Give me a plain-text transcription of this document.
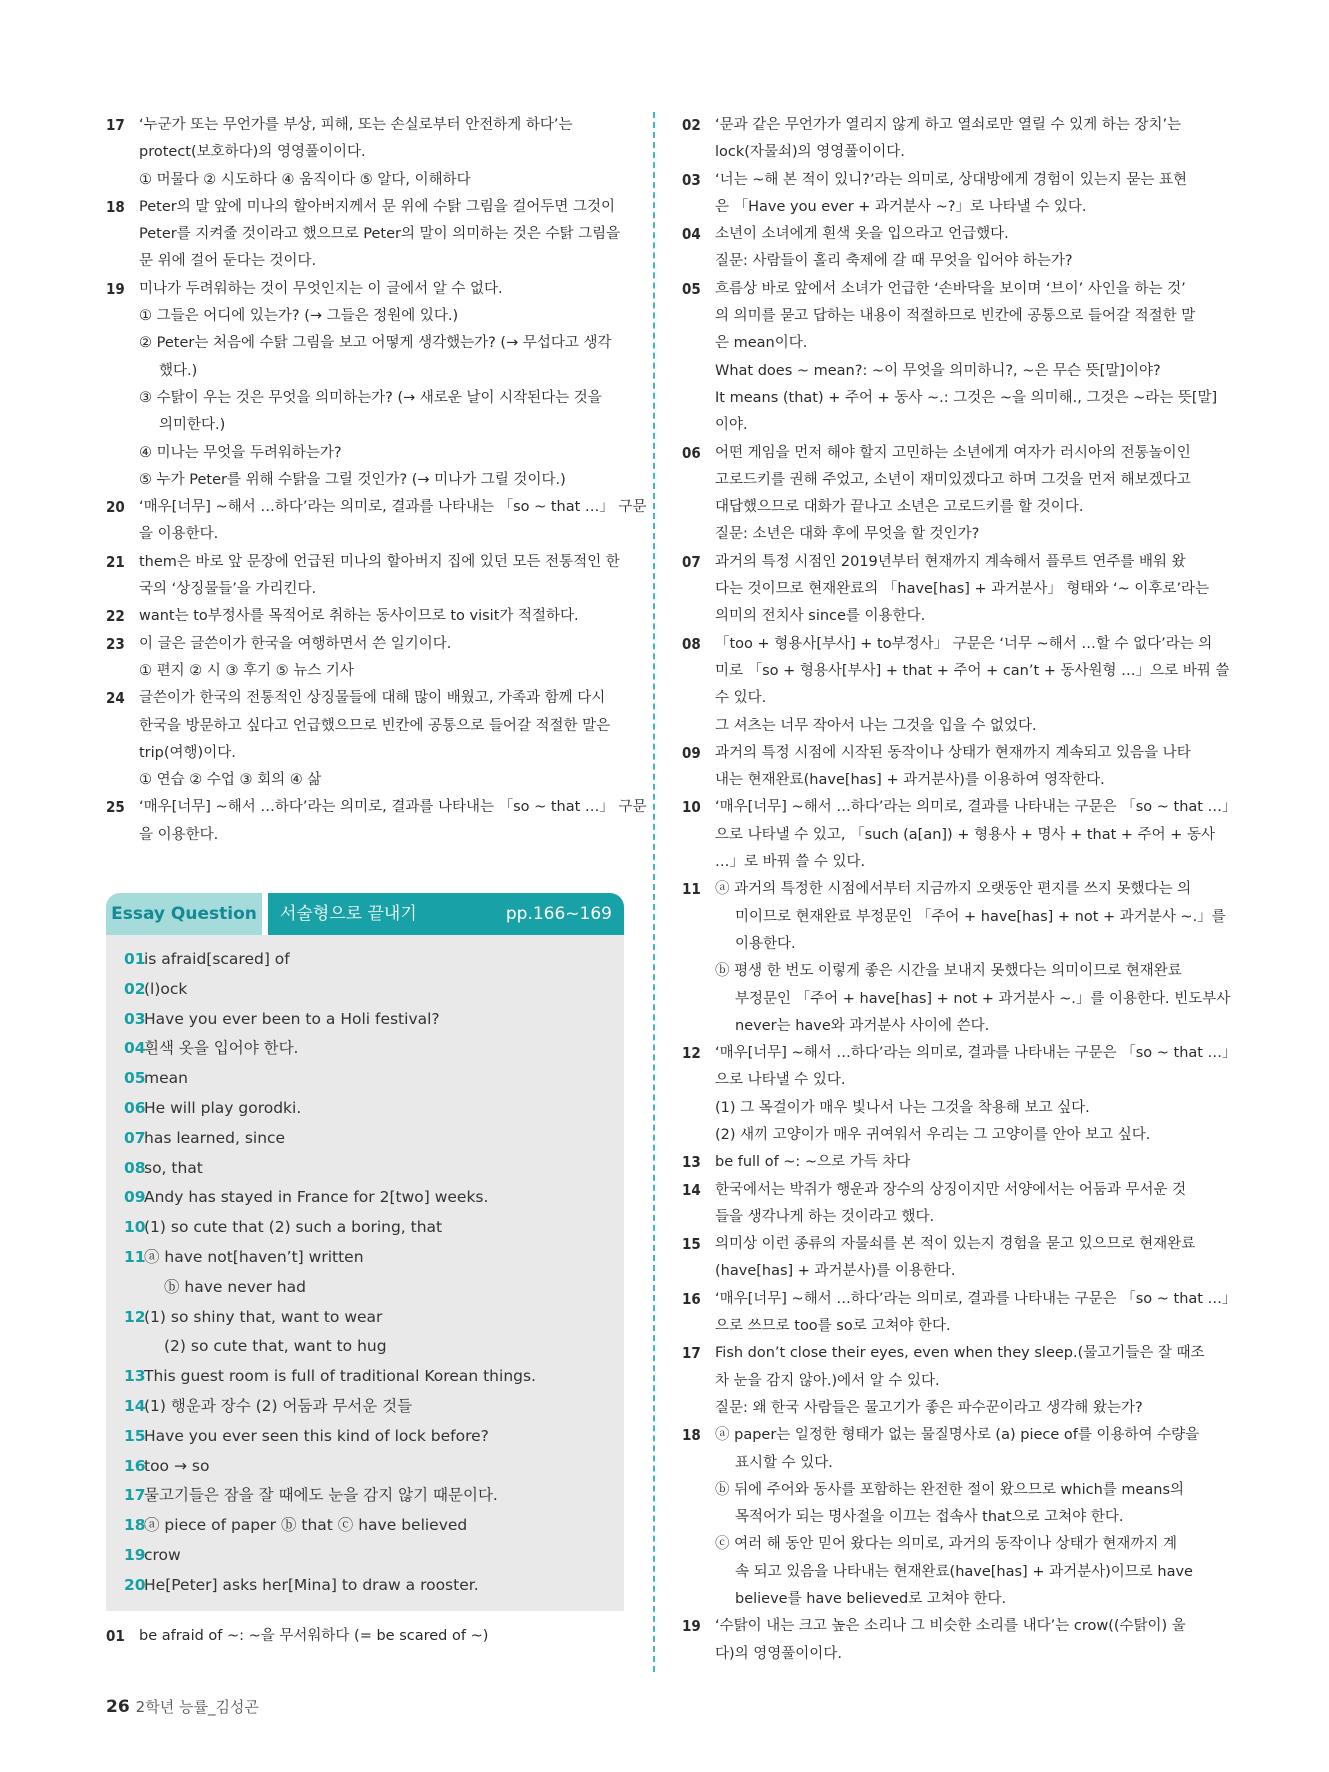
17 ‘누군가 또는 무언가를 부상, 피해, 또는 손실로부터 안전하게 하다’는
protect(보호하다)의 영영풀이이다.
① 머물다 ② 시도하다 ④ 움직이다 ⑤ 알다, 이해하다
18 Peter의 말 앞에 미나의 할아버지께서 문 위에 수탉 그림을 걸어두면 그것이
Peter를 지켜줄 것이라고 했으므로 Peter의 말이 의미하는 것은 수탉 그림을
문 위에 걸어 둔다는 것이다.
19 미나가 두려워하는 것이 무엇인지는 이 글에서 알 수 없다.
① 그들은 어디에 있는가? (→ 그들은 정원에 있다.)
② Peter는 처음에 수탉 그림을 보고 어떻게 생각했는가? (→ 무섭다고 생각
했다.)
③ 수탉이 우는 것은 무엇을 의미하는가? (→ 새로운 날이 시작된다는 것을
의미한다.)
④ 미나는 무엇을 두려워하는가?
⑤ 누가 Peter를 위해 수탉을 그릴 것인가? (→ 미나가 그릴 것이다.)
20 ‘매우[너무] ~해서 …하다’라는 의미로, 결과를 나타내는 「so ~ that …」 구문
을 이용한다.
21 them은 바로 앞 문장에 언급된 미나의 할아버지 집에 있던 모든 전통적인 한
국의 ‘상징물들’을 가리킨다.
22 want는 to부정사를 목적어로 취하는 동사이므로 to visit가 적절하다.
23 이 글은 글쓴이가 한국을 여행하면서 쓴 일기이다.
① 편지 ② 시 ③ 후기 ⑤ 뉴스 기사
24 글쓴이가 한국의 전통적인 상징물들에 대해 많이 배웠고, 가족과 함께 다시
한국을 방문하고 싶다고 언급했으므로 빈칸에 공통으로 들어갈 적절한 말은
trip(여행)이다.
① 연습 ② 수업 ③ 회의 ④ 삶
25 ‘매우[너무] ~해서 …하다’라는 의미로, 결과를 나타내는 「so ~ that …」 구문
을 이용한다.
Essay Question	서술형으로 끝내기	pp.166~169
01
is afraid[scared] of
02
(l)ock
03
Have you ever been to a Holi festival?
04
흰색 옷을 입어야 한다.
05
mean
06
He will play gorodki.
07
has learned, since
08
so, that
09
Andy has stayed in France for 2[two] weeks.
10
(1) so cute that (2) such a boring, that
11
ⓐ have not[haven’t] written
ⓑ have never had
12
(1) so shiny that, want to wear
(2) so cute that, want to hug
13
This guest room is full of traditional Korean things.
14
(1) 행운과 장수 (2) 어둠과 무서운 것들
15
Have you ever seen this kind of lock before?
16
too → so
17
물고기들은 잠을 잘 때에도 눈을 감지 않기 때문이다.
18
ⓐ piece of paper ⓑ that ⓒ have believed
19
crow
20
He[Peter] asks her[Mina] to draw a rooster.
01 be afraid of ~: ~을 무서워하다 (= be scared of ~)
02 ‘문과 같은 무언가가 열리지 않게 하고 열쇠로만 열릴 수 있게 하는 장치’는
lock(자물쇠)의 영영풀이이다.
03 ‘너는 ~해 본 적이 있니?’라는 의미로, 상대방에게 경험이 있는지 묻는 표현
은 「Have you ever + 과거분사 ~?」로 나타낼 수 있다.
04 소년이 소녀에게 흰색 옷을 입으라고 언급했다.
질문: 사람들이 홀리 축제에 갈 때 무엇을 입어야 하는가?
05 흐름상 바로 앞에서 소녀가 언급한 ‘손바닥을 보이며 ‘브이’ 사인을 하는 것’
의 의미를 묻고 답하는 내용이 적절하므로 빈칸에 공통으로 들어갈 적절한 말
은 mean이다.
What does ~ mean?: ~이 무엇을 의미하니?, ~은 무슨 뜻[말]이야?
It means (that) + 주어 + 동사 ~.: 그것은 ~을 의미해., 그것은 ~라는 뜻[말]
이야.
06 어떤 게임을 먼저 해야 할지 고민하는 소년에게 여자가 러시아의 전통놀이인
고로드키를 권해 주었고, 소년이 재미있겠다고 하며 그것을 먼저 해보겠다고
대답했으므로 대화가 끝나고 소년은 고로드키를 할 것이다.
질문: 소년은 대화 후에 무엇을 할 것인가?
07 과거의 특정 시점인 2019년부터 현재까지 계속해서 플루트 연주를 배워 왔
다는 것이므로 현재완료의 「have[has] + 과거분사」 형태와 ‘~ 이후로’라는
의미의 전치사 since를 이용한다.
08 「too + 형용사[부사] + to부정사」 구문은 ‘너무 ~해서 …할 수 없다’라는 의
미로 「so + 형용사[부사] + that + 주어 + can’t + 동사원형 …」으로 바꿔 쓸
수 있다.
그 셔츠는 너무 작아서 나는 그것을 입을 수 없었다.
09 과거의 특정 시점에 시작된 동작이나 상태가 현재까지 계속되고 있음을 나타
내는 현재완료(have[has] + 과거분사)를 이용하여 영작한다.
10 ‘매우[너무] ~해서 …하다’라는 의미로, 결과를 나타내는 구문은 「so ~ that …」
으로 나타낼 수 있고, 「such (a[an]) + 형용사 + 명사 + that + 주어 + 동사
…」로 바꿔 쓸 수 있다.
11 ⓐ 과거의 특정한 시점에서부터 지금까지 오랫동안 편지를 쓰지 못했다는 의
미이므로 현재완료 부정문인 「주어 + have[has] + not + 과거분사 ~.」를
이용한다.
ⓑ 평생 한 번도 이렇게 좋은 시간을 보내지 못했다는 의미이므로 현재완료
부정문인 「주어 + have[has] + not + 과거분사 ~.」를 이용한다. 빈도부사
never는 have와 과거분사 사이에 쓴다.
12 ‘매우[너무] ~해서 …하다’라는 의미로, 결과를 나타내는 구문은 「so ~ that …」
으로 나타낼 수 있다.
(1) 그 목걸이가 매우 빛나서 나는 그것을 착용해 보고 싶다.
(2) 새끼 고양이가 매우 귀여워서 우리는 그 고양이를 안아 보고 싶다.
13 be full of ~: ~으로 가득 차다
14 한국에서는 박쥐가 행운과 장수의 상징이지만 서양에서는 어둠과 무서운 것
들을 생각나게 하는 것이라고 했다.
15 의미상 이런 종류의 자물쇠를 본 적이 있는지 경험을 묻고 있으므로 현재완료
(have[has] + 과거분사)를 이용한다.
16 ‘매우[너무] ~해서 …하다’라는 의미로, 결과를 나타내는 구문은 「so ~ that …」
으로 쓰므로 too를 so로 고쳐야 한다.
17 Fish don’t close their eyes, even when they sleep.(물고기들은 잘 때조
차 눈을 감지 않아.)에서 알 수 있다.
질문: 왜 한국 사람들은 물고기가 좋은 파수꾼이라고 생각해 왔는가?
18 ⓐ paper는 일정한 형태가 없는 물질명사로 (a) piece of를 이용하여 수량을
표시할 수 있다.
ⓑ 뒤에 주어와 동사를 포함하는 완전한 절이 왔으므로 which를 means의
목적어가 되는 명사절을 이끄는 접속사 that으로 고쳐야 한다.
ⓒ 여러 해 동안 믿어 왔다는 의미로, 과거의 동작이나 상태가 현재까지 계
속 되고 있음을 나타내는 현재완료(have[has] + 과거분사)이므로 have
believe를 have believed로 고쳐야 한다.
19 ‘수탉이 내는 크고 높은 소리나 그 비슷한 소리를 내다’는 crow((수탉이) 울
다)의 영영풀이이다.
26 2학년 능률_김성곤
